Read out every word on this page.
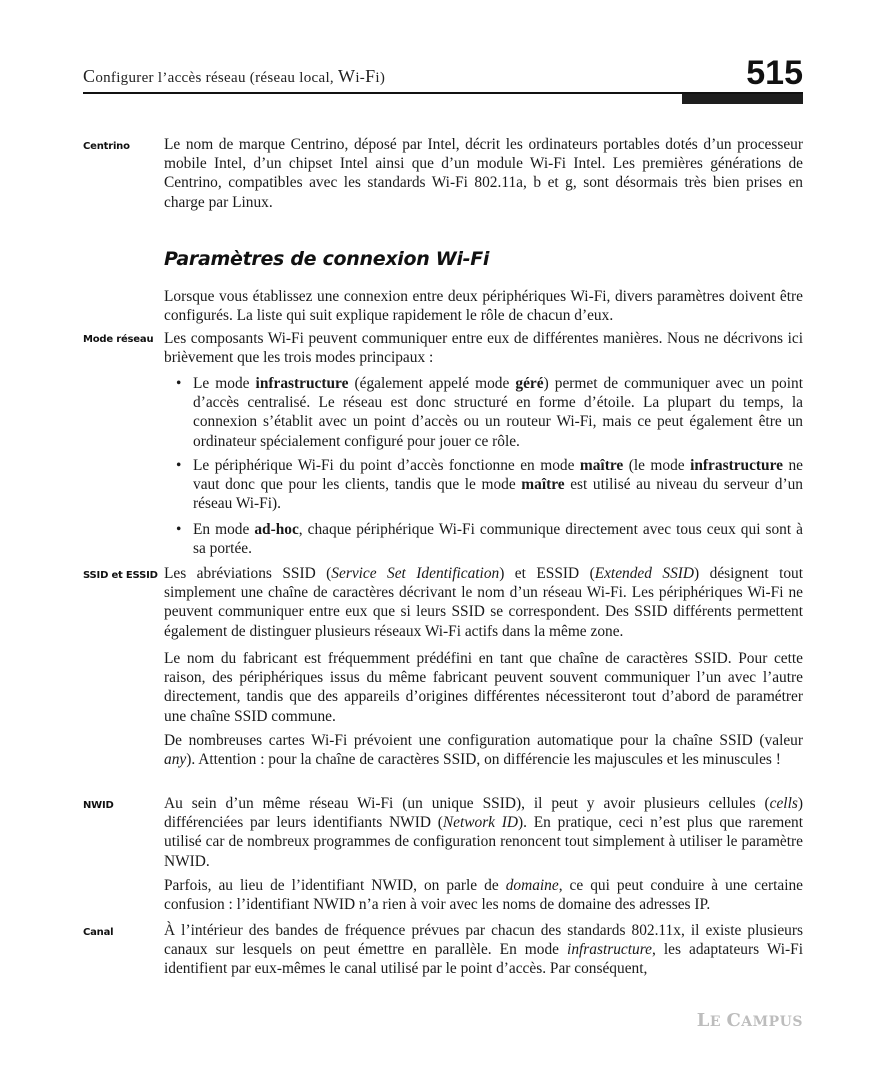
Configurer l’accès réseau (réseau local, Wi-Fi)	515
Centrino Le nom de marque Centrino, déposé par Intel, décrit les ordinateurs portables dotés d’un processeur mobile Intel, d’un chipset Intel ainsi que d’un module Wi-Fi Intel. Les premières générations de Centrino, compatibles avec les standards Wi-Fi 802.11a, b et g, sont désormais très bien prises en charge par Linux.
Paramètres de connexion Wi-Fi
Lorsque vous établissez une connexion entre deux périphériques Wi-Fi, divers paramètres doivent être configurés. La liste qui suit explique rapidement le rôle de chacun d’eux.
Mode réseau Les composants Wi-Fi peuvent communiquer entre eux de différentes manières. Nous ne décrivons ici brièvement que les trois modes principaux :
• Le mode infrastructure (également appelé mode géré) permet de communiquer avec un point d’accès centralisé. Le réseau est donc structuré en forme d’étoile. La plupart du temps, la connexion s’établit avec un point d’accès ou un routeur Wi-Fi, mais ce peut également être un ordinateur spécialement configuré pour jouer ce rôle.
• Le périphérique Wi-Fi du point d’accès fonctionne en mode maître (le mode infrastructure ne vaut donc que pour les clients, tandis que le mode maître est utilisé au niveau du serveur d’un réseau Wi-Fi).
• En mode ad-hoc, chaque périphérique Wi-Fi communique directement avec tous ceux qui sont à sa portée.
SSID et ESSID Les abréviations SSID (Service Set Identification) et ESSID (Extended SSID) désignent tout simplement une chaîne de caractères décrivant le nom d’un réseau Wi-Fi. Les périphériques Wi-Fi ne peuvent communiquer entre eux que si leurs SSID se correspondent. Des SSID différents permettent également de distinguer plusieurs réseaux Wi-Fi actifs dans la même zone.
Le nom du fabricant est fréquemment prédéfini en tant que chaîne de caractères SSID. Pour cette raison, des périphériques issus du même fabricant peuvent souvent communiquer l’un avec l’autre directement, tandis que des appareils d’origines différentes nécessiteront tout d’abord de paramétrer une chaîne SSID commune.
De nombreuses cartes Wi-Fi prévoient une configuration automatique pour la chaîne SSID (valeur any). Attention : pour la chaîne de caractères SSID, on différencie les majuscules et les minuscules !
NWID	Au sein d’un même réseau Wi-Fi (un unique SSID), il peut y avoir plusieurs cellules (cells) différenciées par leurs identifiants NWID (Network ID). En pratique, ceci n’est plus que rarement utilisé car de nombreux programmes de configuration renoncent tout simplement à utiliser le paramètre NWID.
Parfois, au lieu de l’identifiant NWID, on parle de domaine, ce qui peut conduire à une certaine confusion : l’identifiant NWID n’a rien à voir avec les noms de domaine des adresses IP.
Canal	À l’intérieur des bandes de fréquence prévues par chacun des standards 802.11x, il existe plusieurs canaux sur lesquels on peut émettre en parallèle. En mode infrastructure, les adaptateurs Wi-Fi identifient par eux-mêmes le canal utilisé par le point d’accès. Par conséquent,
LE CAMPUS
